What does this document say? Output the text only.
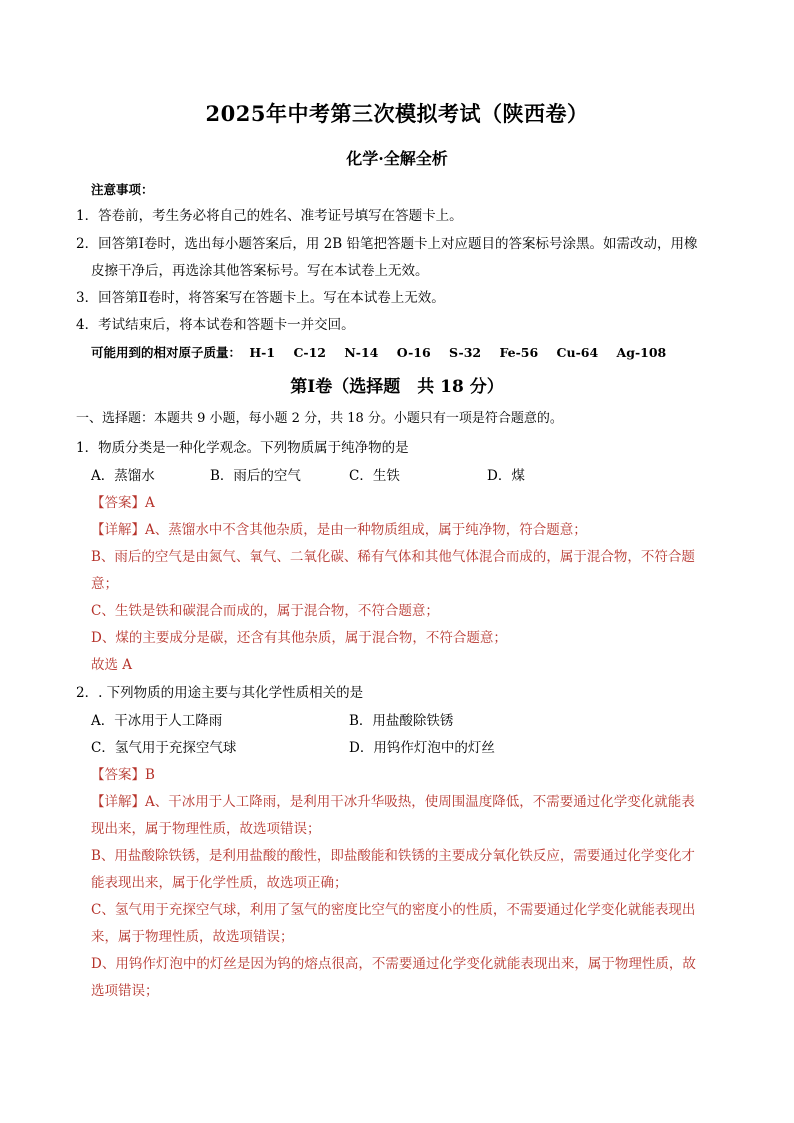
2025年中考第三次模拟考试（陕西卷）
化学·全解全析
注意事项：
1．答卷前，考生务必将自己的姓名、准考证号填写在答题卡上。
2．回答第Ⅰ卷时，选出每小题答案后，用 2B 铅笔把答题卡上对应题目的答案标号涂黑。如需改动，用橡
皮擦干净后，再选涂其他答案标号。写在本试卷上无效。
3．回答第Ⅱ卷时，将答案写在答题卡上。写在本试卷上无效。
4．考试结束后，将本试卷和答题卡一并交回。
可能用到的相对原子质量： H-1 C-12 N-14 O-16 S-32 Fe-56 Cu-64 Ag-108
第Ⅰ卷（选择题　共 18 分）
一、选择题：本题共 9 小题，每小题 2 分，共 18 分。小题只有一项是符合题意的。
1．物质分类是一种化学观念。下列物质属于纯净物的是
A．蒸馏水	B．雨后的空气	C．生铁	D．煤
【答案】A
【详解】A、蒸馏水中不含其他杂质，是由一种物质组成，属于纯净物，符合题意；
B、雨后的空气是由氮气、氧气、二氧化碳、稀有气体和其他气体混合而成的，属于混合物，不符合题
意；
C、生铁是铁和碳混合而成的，属于混合物，不符合题意；
D、煤的主要成分是碳，还含有其他杂质，属于混合物，不符合题意；
故选 A
2．. 下列物质的用途主要与其化学性质相关的是
A．干冰用于人工降雨	B．用盐酸除铁锈
C．氢气用于充探空气球	D．用钨作灯泡中的灯丝
【答案】B
【详解】A、干冰用于人工降雨，是利用干冰升华吸热，使周围温度降低，不需要通过化学变化就能表
现出来，属于物理性质，故选项错误；
B、用盐酸除铁锈，是利用盐酸的酸性，即盐酸能和铁锈的主要成分氧化铁反应，需要通过化学变化才
能表现出来，属于化学性质，故选项正确；
C、氢气用于充探空气球，利用了氢气的密度比空气的密度小的性质，不需要通过化学变化就能表现出
来，属于物理性质，故选项错误；
D、用钨作灯泡中的灯丝是因为钨的熔点很高，不需要通过化学变化就能表现出来，属于物理性质，故
选项错误；
